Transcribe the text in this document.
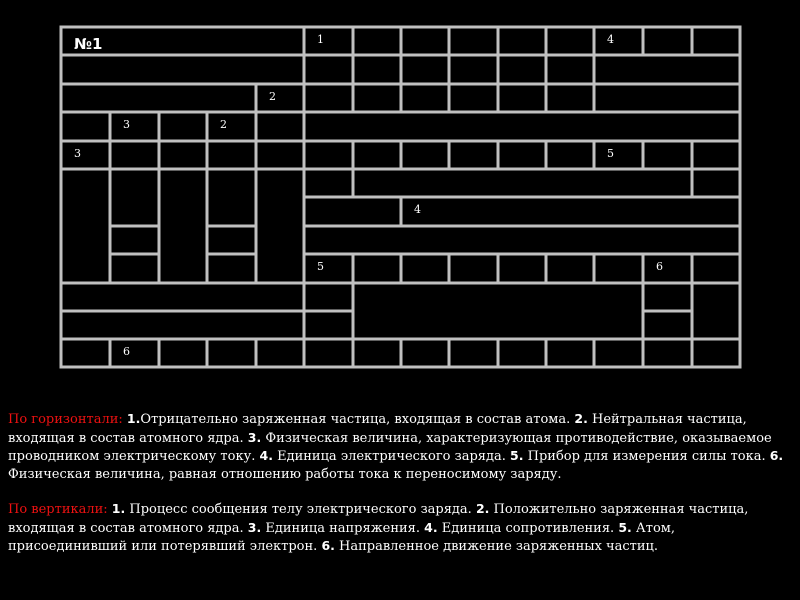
1	4
2
3	2
3	5
4
5	6
6
№1

По горизонтали: 1.Отрицательно заряженная частица, входящая в состав атома. 2. Нейтральная частица, входящая в состав атомного ядра. 3. Физическая величина, характеризующая противодействие, оказываемое проводником электрическому току. 4. Единица электрического заряда. 5. Прибор для измерения силы тока. 6. Физическая величина, равная отношению работы тока к переносимому заряду.

По вертикали: 1. Процесс сообщения телу электрического заряда. 2. Положительно заряженная частица, входящая в состав атомного ядра. 3. Единица напряжения. 4. Единица сопротивления. 5. Атом, присоединивший или потерявший электрон. 6. Направленное движение заряженных частиц.
